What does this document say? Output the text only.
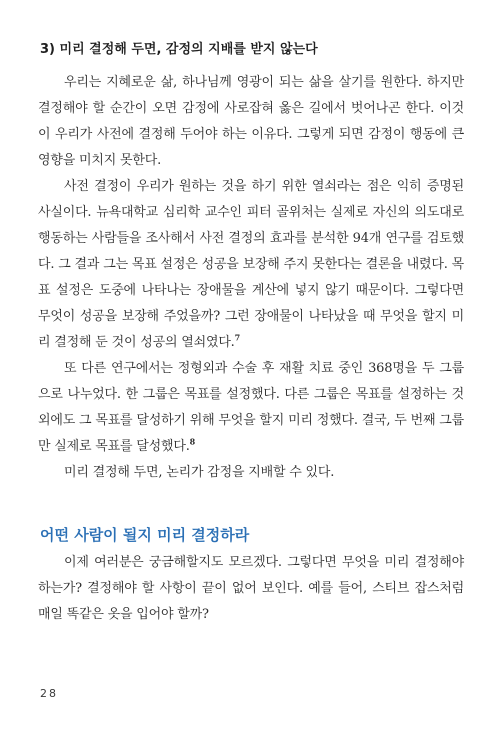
3) 미리 결정해 두면, 감정의 지배를 받지 않는다

우리는 지혜로운 삶, 하나님께 영광이 되는 삶을 살기를 원한다. 하지만 결정해야 할 순간이 오면 감정에 사로잡혀 옳은 길에서 벗어나곤 한다. 이것이 우리가 사전에 결정해 두어야 하는 이유다. 그렇게 되면 감정이 행동에 큰 영향을 미치지 못한다.

사전 결정이 우리가 원하는 것을 하기 위한 열쇠라는 점은 익히 증명된 사실이다. 뉴욕대학교 심리학 교수인 피터 골위처는 실제로 자신의 의도대로 행동하는 사람들을 조사해서 사전 결정의 효과를 분석한 94개 연구를 검토했다. 그 결과 그는 목표 설정은 성공을 보장해 주지 못한다는 결론을 내렸다. 목표 설정은 도중에 나타나는 장애물을 계산에 넣지 않기 때문이다. 그렇다면 무엇이 성공을 보장해 주었을까? 그런 장애물이 나타났을 때 무엇을 할지 미리 결정해 둔 것이 성공의 열쇠였다.$^7$

또 다른 연구에서는 정형외과 수술 후 재활 치료 중인 368명을 두 그룹으로 나누었다. 한 그룹은 목표를 설정했다. 다른 그룹은 목표를 설정하는 것 외에도 그 목표를 달성하기 위해 무엇을 할지 미리 정했다. 결국, 두 번째 그룹만 실제로 목표를 달성했다.$^8$

미리 결정해 두면, 논리가 감정을 지배할 수 있다.

어떤 사람이 될지 미리 결정하라

이제 여러분은 궁금해할지도 모르겠다. 그렇다면 무엇을 미리 결정해야 하는가? 결정해야 할 사항이 끝이 없어 보인다. 예를 들어, 스티브 잡스처럼 매일 똑같은 옷을 입어야 할까?

28
